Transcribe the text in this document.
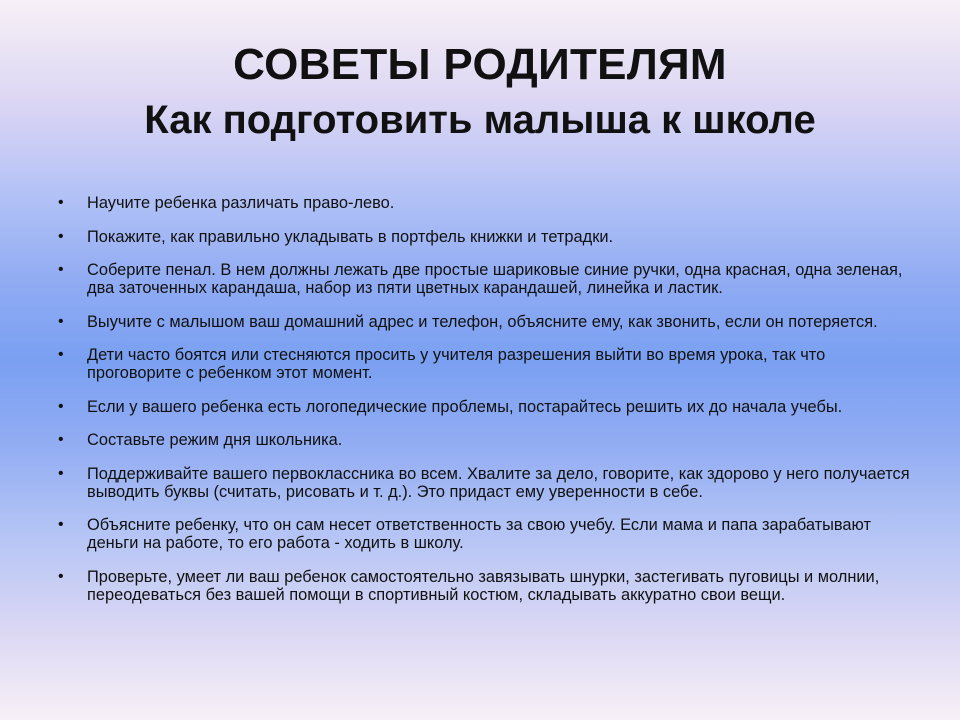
СОВЕТЫ РОДИТЕЛЯМ
Как подготовить малыша к школе
• Научите ребенка различать право-лево.
• Покажите, как правильно укладывать в портфель книжки и тетрадки.
• Соберите пенал. В нем должны лежать две простые шариковые синие ручки, одна красная, одна зеленая, два заточенных карандаша, набор из пяти цветных карандашей, линейка и ластик.
• Выучите с малышом ваш домашний адрес и телефон, объясните ему, как звонить, если он потеряется.
• Дети часто боятся или стесняются просить у учителя разрешения выйти во время урока, так что проговорите с ребенком этот момент.
• Если у вашего ребенка есть логопедические проблемы, постарайтесь решить их до начала учебы.
• Составьте режим дня школьника.
• Поддерживайте вашего первоклассника во всем. Хвалите за дело, говорите, как здорово у него получается выводить буквы (считать, рисовать и т. д.). Это придаст ему уверенности в себе.
• Объясните ребенку, что он сам несет ответственность за свою учебу. Если мама и папа зарабатывают деньги на работе, то его работа - ходить в школу.
• Проверьте, умеет ли ваш ребенок самостоятельно завязывать шнурки, застегивать пуговицы и молнии, переодеваться без вашей помощи в спортивный костюм, складывать аккуратно свои вещи.
